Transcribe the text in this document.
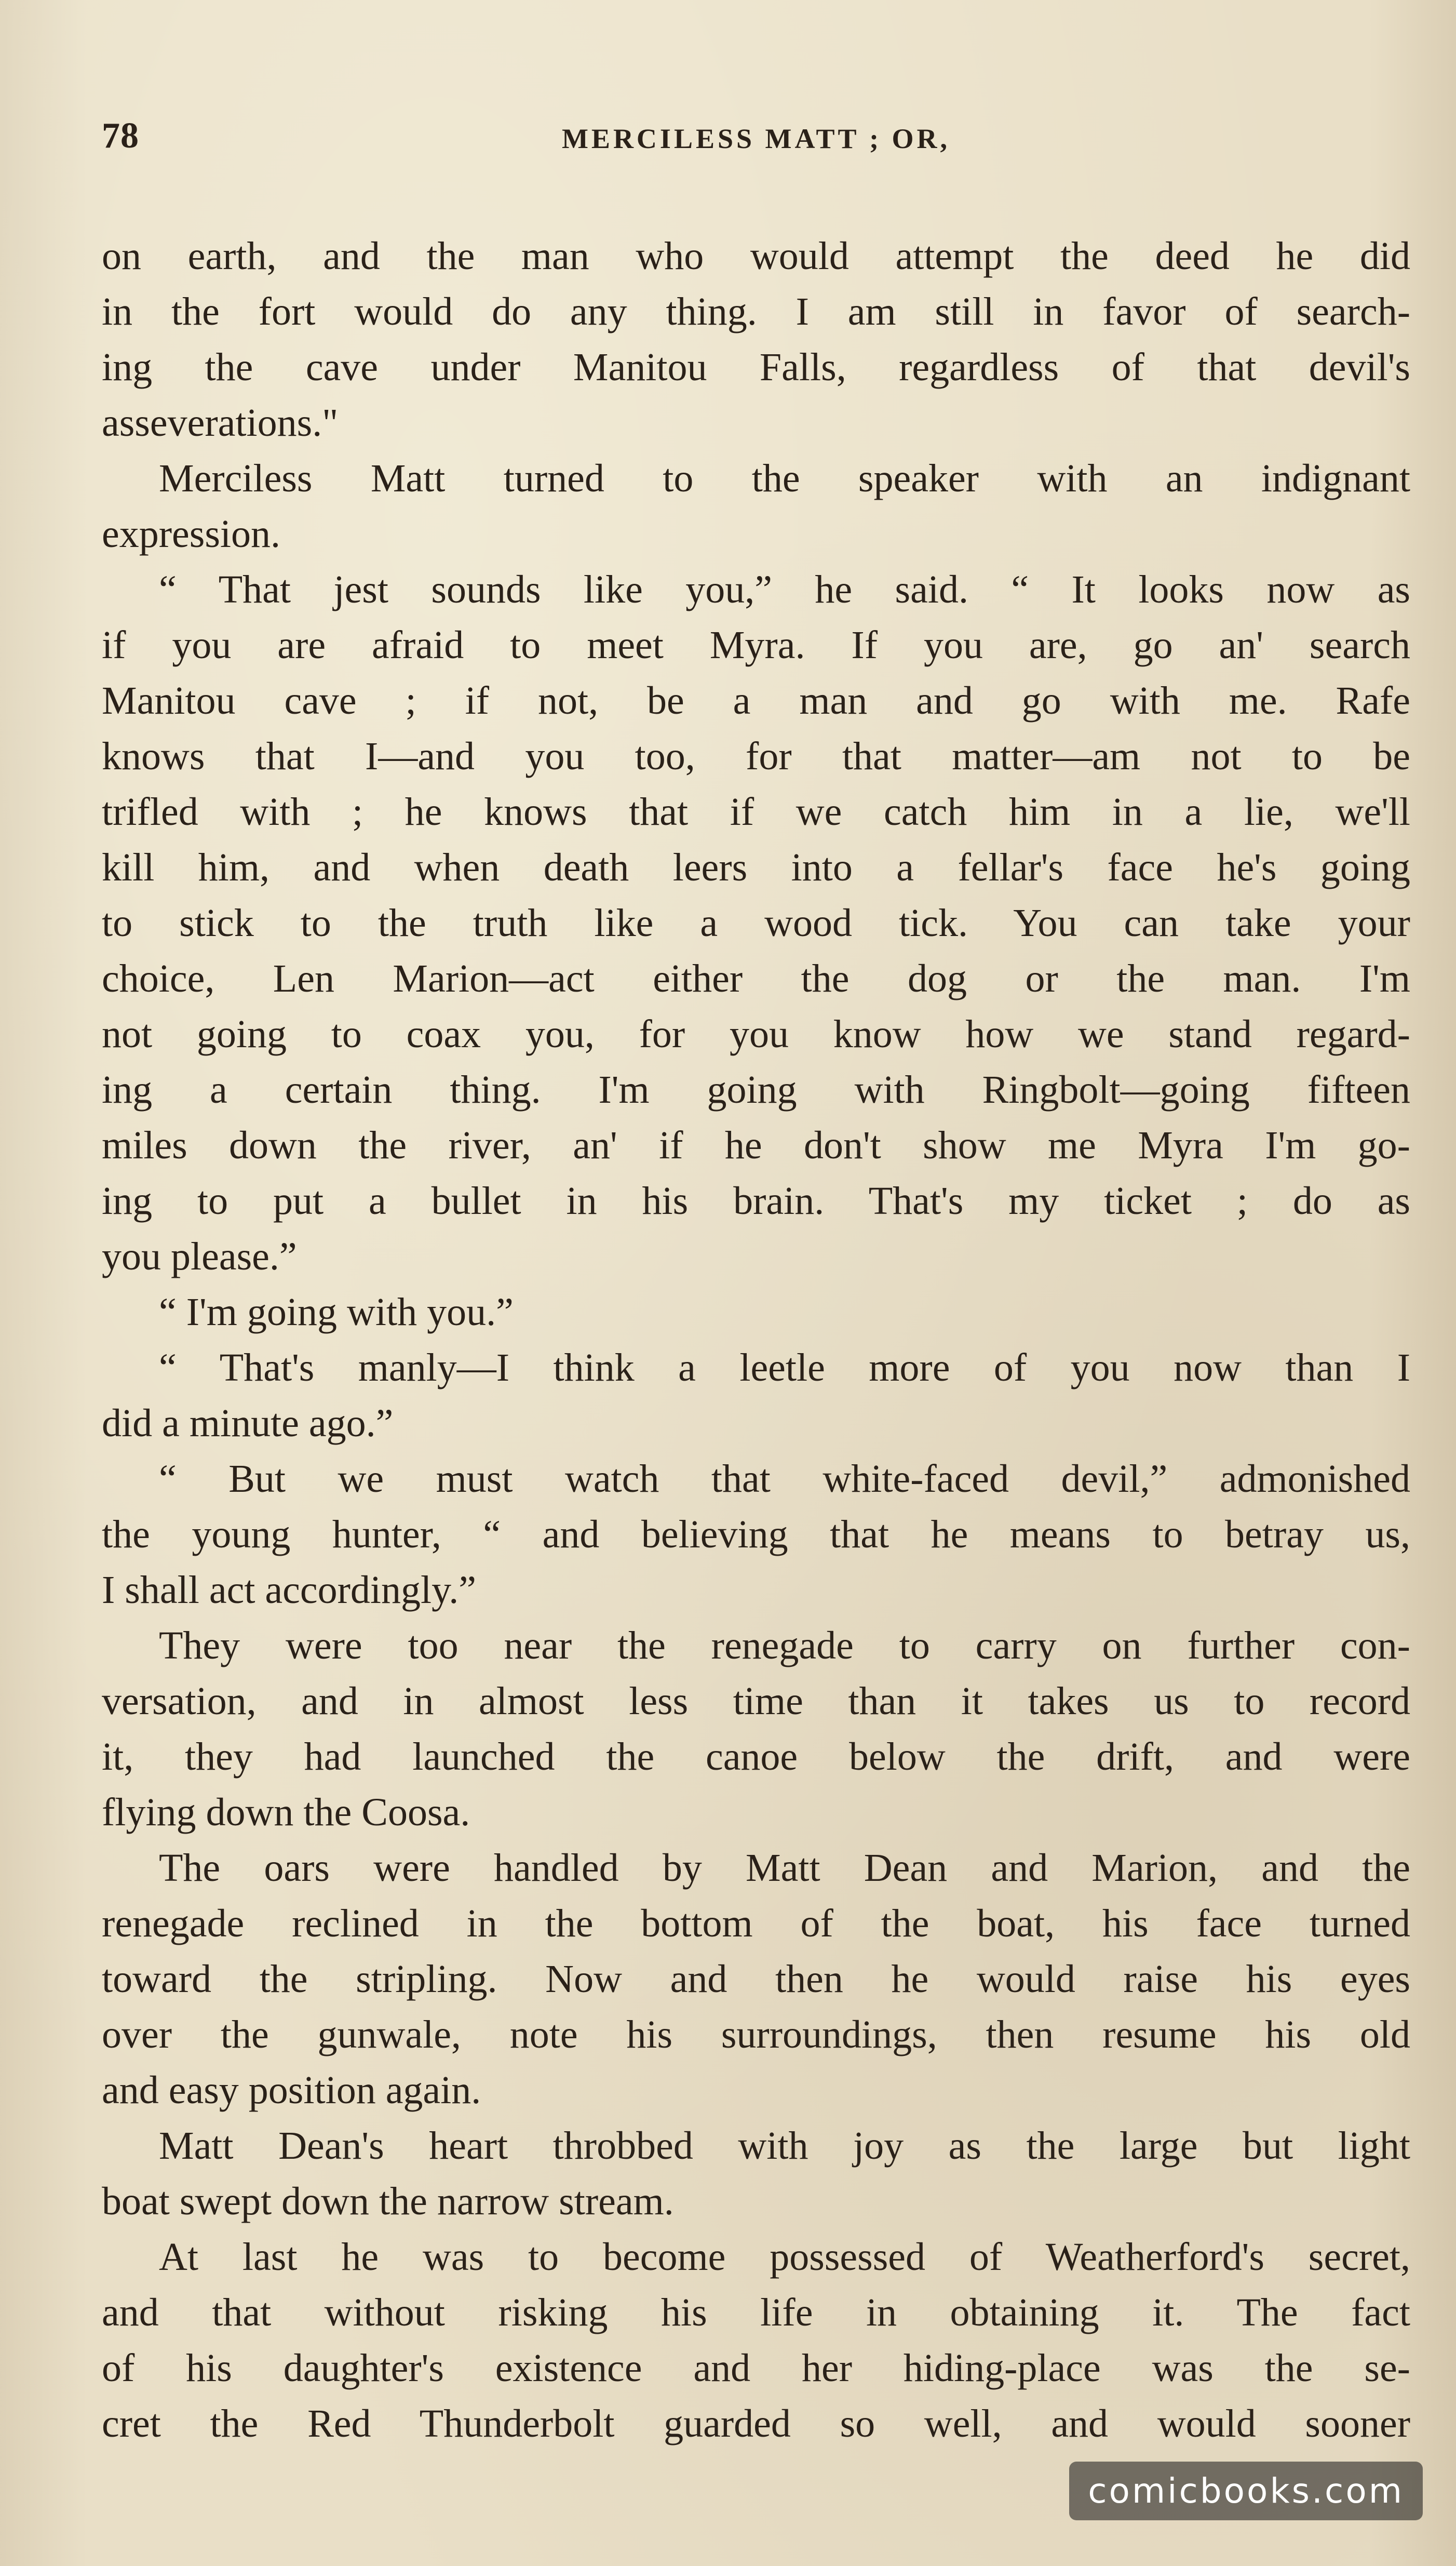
78	MERCILESS MATT ; OR,
on earth, and the man who would attempt the deed he did
in the fort would do any thing. I am still in favor of search-
ing the cave under Manitou Falls, regardless of that devil's
asseverations."
Merciless Matt turned to the speaker with an indignant
expression.
“ That jest sounds like you,” he said. “ It looks now as
if you are afraid to meet Myra. If you are, go an' search
Manitou cave ; if not, be a man and go with me. Rafe
knows that I—and you too, for that matter—am not to be
trifled with ; he knows that if we catch him in a lie, we'll
kill him, and when death leers into a fellar's face he's going
to stick to the truth like a wood tick. You can take your
choice, Len Marion—act either the dog or the man. I'm
not going to coax you, for you know how we stand regard-
ing a certain thing. I'm going with Ringbolt—going fifteen
miles down the river, an' if he don't show me Myra I'm go-
ing to put a bullet in his brain. That's my ticket ; do as
you please.”
“ I'm going with you.”
“ That's manly—I think a leetle more of you now than I
did a minute ago.”
“ But we must watch that white-faced devil,” admonished
the young hunter, “ and believing that he means to betray us,
I shall act accordingly.”
They were too near the renegade to carry on further con-
versation, and in almost less time than it takes us to record
it, they had launched the canoe below the drift, and were
flying down the Coosa.
The oars were handled by Matt Dean and Marion, and the
renegade reclined in the bottom of the boat, his face turned
toward the stripling. Now and then he would raise his eyes
over the gunwale, note his surroundings, then resume his old
and easy position again.
Matt Dean's heart throbbed with joy as the large but light
boat swept down the narrow stream.
At last he was to become possessed of Weatherford's secret,
and that without risking his life in obtaining it. The fact
of his daughter's existence and her hiding-place was the se-
cret the Red Thunderbolt guarded so well, and would sooner
comicbooks.com
